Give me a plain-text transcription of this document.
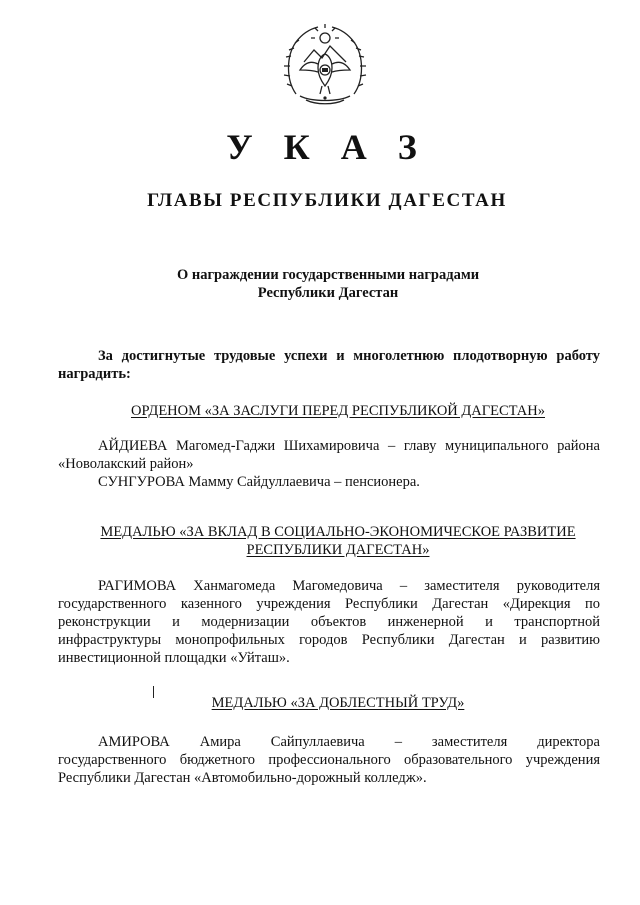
У К А З
ГЛАВЫ РЕСПУБЛИКИ ДАГЕСТАН
О награждении государственными наградами
Республики Дагестан
За достигнутые трудовые успехи и многолетнюю плодотворную работу
наградить:
ОРДЕНОМ «ЗА ЗАСЛУГИ ПЕРЕД РЕСПУБЛИКОЙ ДАГЕСТАН»
АЙДИЕВА Магомед-Гаджи Шихамировича – главу муниципального района
«Новолакский район»
СУНГУРОВА Мамму Сайдуллаевича – пенсионера.
МЕДАЛЬЮ «ЗА ВКЛАД В СОЦИАЛЬНО-ЭКОНОМИЧЕСКОЕ РАЗВИТИЕ
РЕСПУБЛИКИ ДАГЕСТАН»
РАГИМОВА Ханмагомеда Магомедовича – заместителя руководителя
государственного казенного учреждения Республики Дагестан «Дирекция по
реконструкции и модернизации объектов инженерной и транспортной
инфраструктуры монопрофильных городов Республики Дагестан и развитию
инвестиционной площадки «Уйташ».
МЕДАЛЬЮ «ЗА ДОБЛЕСТНЫЙ ТРУД»
АМИРОВА Амира Сайпуллаевича – заместителя директора
государственного бюджетного профессионального образовательного учреждения
Республики Дагестан «Автомобильно-дорожный колледж».
